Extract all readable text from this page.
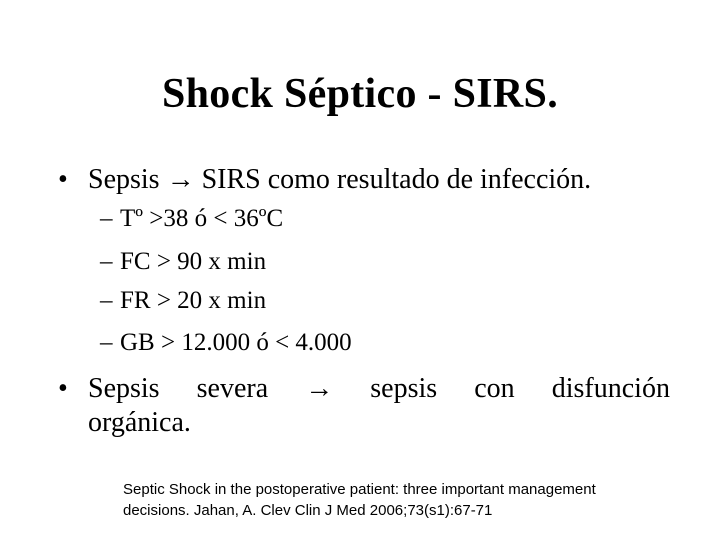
Shock Séptico - SIRS.
• Sepsis → SIRS como resultado de infección.
– Tº >38 ó < 36ºC
– FC > 90 x min
– FR > 20 x min
– GB > 12.000 ó < 4.000
• Sepsis severa → sepsis con disfunción
orgánica.
Septic Shock in the postoperative patient: three important management
decisions. Jahan, A. Clev Clin J Med 2006;73(s1):67-71
